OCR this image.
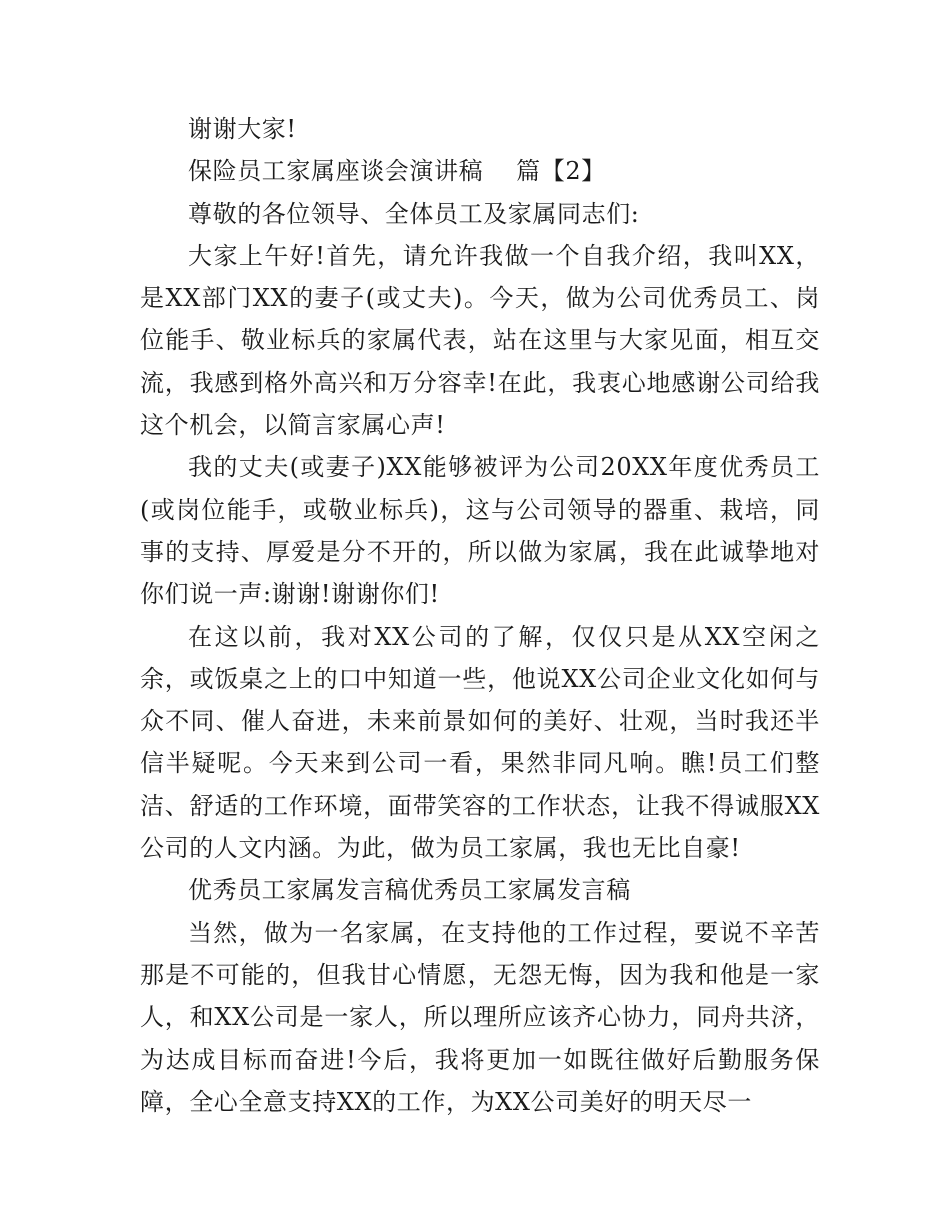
谢谢大家!

保险员工家属座谈会演讲稿    篇【2】

尊敬的各位领导、全体员工及家属同志们:

大家上午好!首先，请允许我做一个自我介绍，我叫XX，是XX部门XX的妻子(或丈夫)。今天，做为公司优秀员工、岗位能手、敬业标兵的家属代表，站在这里与大家见面，相互交流，我感到格外高兴和万分容幸!在此，我衷心地感谢公司给我这个机会，以简言家属心声!

我的丈夫(或妻子)XX能够被评为公司20XX年度优秀员工(或岗位能手，或敬业标兵)，这与公司领导的器重、栽培，同事的支持、厚爱是分不开的，所以做为家属，我在此诚挚地对你们说一声:谢谢!谢谢你们!

在这以前，我对XX公司的了解，仅仅只是从XX空闲之余，或饭桌之上的口中知道一些，他说XX公司企业文化如何与众不同、催人奋进，未来前景如何的美好、壮观，当时我还半信半疑呢。今天来到公司一看，果然非同凡响。瞧!员工们整洁、舒适的工作环境，面带笑容的工作状态，让我不得诚服XX公司的人文内涵。为此，做为员工家属，我也无比自豪!

优秀员工家属发言稿优秀员工家属发言稿

当然，做为一名家属，在支持他的工作过程，要说不辛苦那是不可能的，但我甘心情愿，无怨无悔，因为我和他是一家人，和XX公司是一家人，所以理所应该齐心协力，同舟共济，为达成目标而奋进!今后，我将更加一如既往做好后勤服务保障，全心全意支持XX的工作，为XX公司美好的明天尽一
